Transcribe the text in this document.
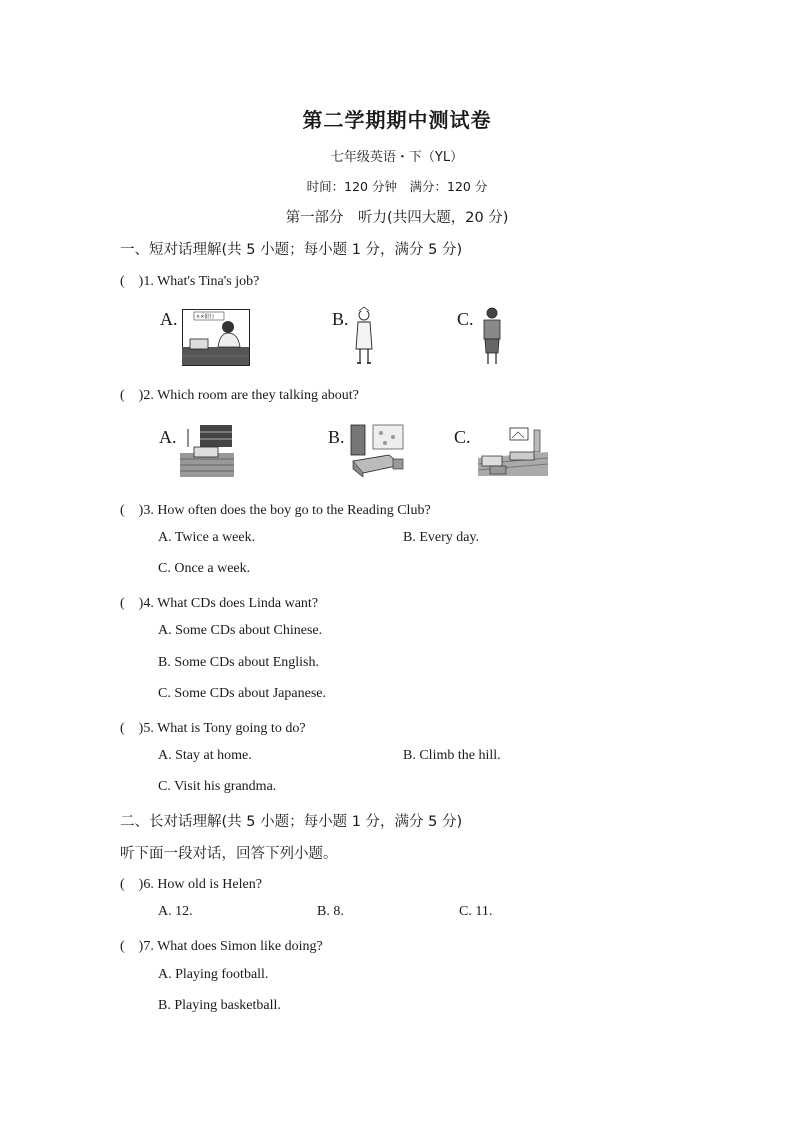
第二学期期中测试卷
七年级英语・下（YL）
时间：120 分钟　满分：120 分
第一部分　听力(共四大题，20 分)
一、短对话理解(共 5 小题；每小题 1 分，满分 5 分)
(　)1. What's Tina's job?
A.	××银行	B.	C.
(　)2. Which room are they talking about?
A.	B.	C.
(　)3. How often does the boy go to the Reading Club?
A. Twice a week.	B. Every day.
C. Once a week.
(　)4. What CDs does Linda want?
A. Some CDs about Chinese.
B. Some CDs about English.
C. Some CDs about Japanese.
(　)5. What is Tony going to do?
A. Stay at home.	B. Climb the hill.
C. Visit his grandma.
二、长对话理解(共 5 小题；每小题 1 分，满分 5 分)
听下面一段对话，回答下列小题。
(　)6. How old is Helen?
A. 12.	B. 8.	C. 11.
(　)7. What does Simon like doing?
A. Playing football.
B. Playing basketball.
